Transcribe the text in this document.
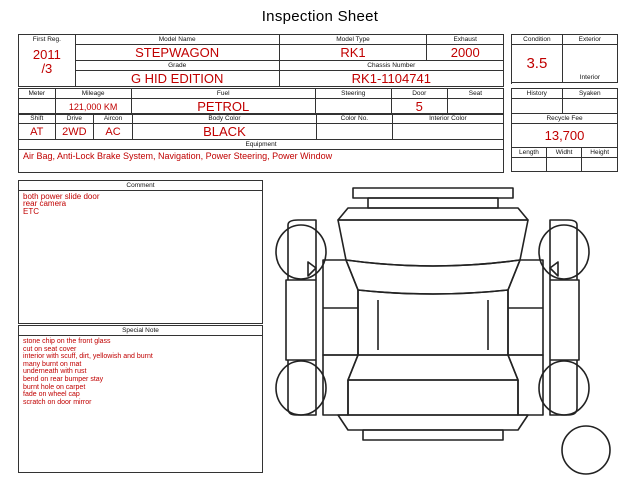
Inspection Sheet
First Reg.
2011
/3	Model Name	Model Type	Exhaust
	STEPWAGON	RK1	2000
	Grade	Chassis Number	
	G HID EDITION	RK1-1104741	
Meter	Mileage	Fuel	Steering	Door	Seat
	121,000 KM	PETROL		5	
Shift	Drive	Aircon	Body Color	Color No.	Interior Color
AT	2WD	AC	BLACK		
Equipment					
Air Bag, Anti-Lock Brake System, Navigation, Power Steering, Power Window					
Condition	Exterior
3.5	Interior

History	Syaken

Recycle Fee		
13,700		
Length	Widht	Height

Comment
both power slide door
rear camera
ETC
Special Note
stone chip on the front glass
cut on seat cover
interior with scuff, dirt, yellowish and burnt
many burnt on mat
underneath with rust
bend on rear bumper stay
burnt hole on carpet
fade on wheel cap
scratch on door mirror
